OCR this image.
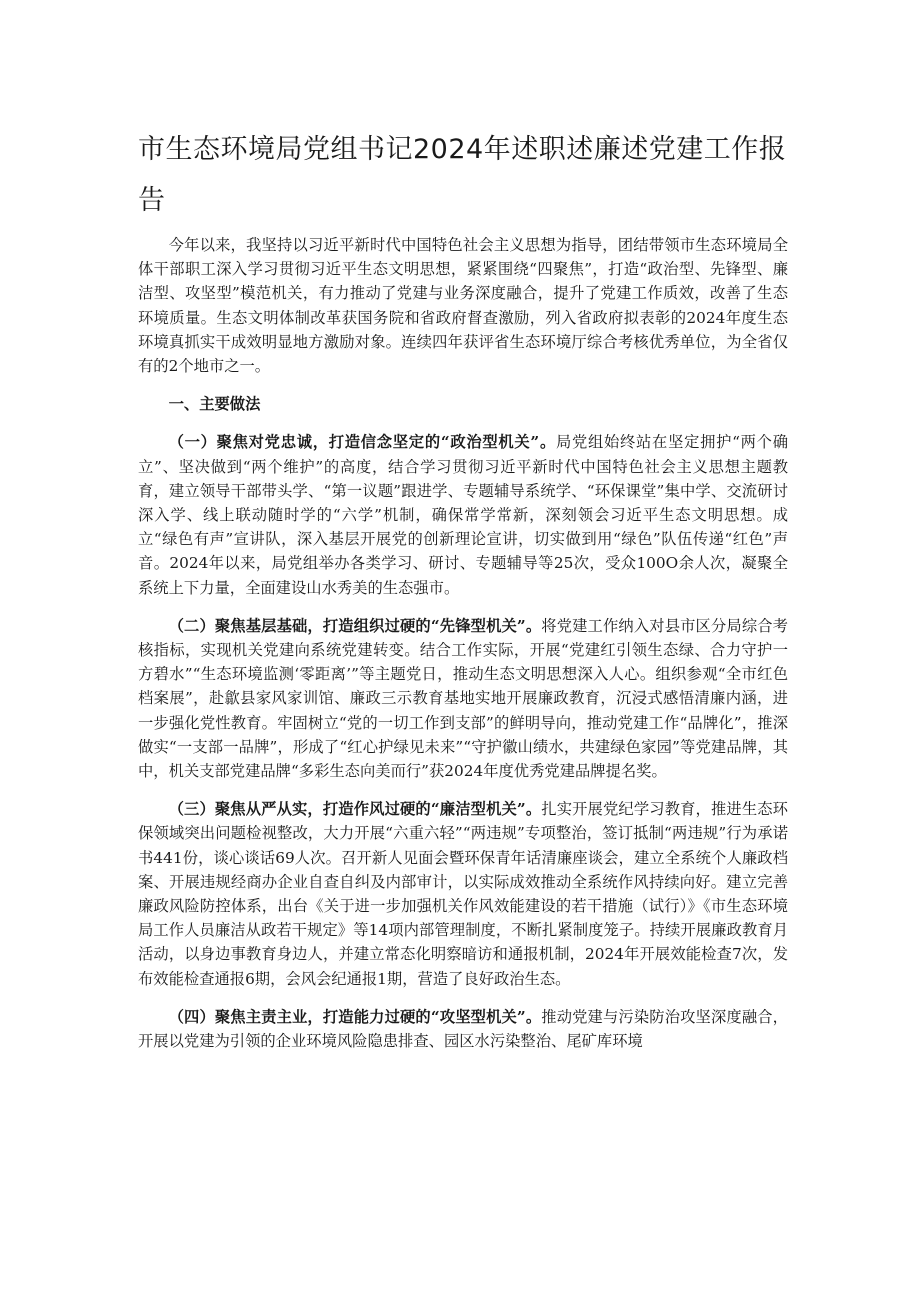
市生态环境局党组书记2024年述职述廉述党建工作报告

今年以来，我坚持以习近平新时代中国特色社会主义思想为指导，团结带领市生态环境局全体干部职工深入学习贯彻习近平生态文明思想，紧紧围绕“四聚焦”，打造“政治型、先锋型、廉洁型、攻坚型”模范机关，有力推动了党建与业务深度融合，提升了党建工作质效，改善了生态环境质量。生态文明体制改革获国务院和省政府督查激励，列入省政府拟表彰的2024年度生态环境真抓实干成效明显地方激励对象。连续四年获评省生态环境厅综合考核优秀单位，为全省仅有的2个地市之一。

一、主要做法

（一）聚焦对党忠诚，打造信念坚定的“政治型机关”。局党组始终站在坚定拥护“两个确立”、坚决做到“两个维护”的高度，结合学习贯彻习近平新时代中国特色社会主义思想主题教育，建立领导干部带头学、“第一议题”跟进学、专题辅导系统学、“环保课堂”集中学、交流研讨深入学、线上联动随时学的“六学”机制，确保常学常新，深刻领会习近平生态文明思想。成立“绿色有声”宣讲队，深入基层开展党的创新理论宣讲，切实做到用“绿色”队伍传递“红色”声音。2024年以来，局党组举办各类学习、研讨、专题辅导等25次，受众100O余人次，凝聚全系统上下力量，全面建设山水秀美的生态强市。

（二）聚焦基层基础，打造组织过硬的“先锋型机关”。将党建工作纳入对县市区分局综合考核指标，实现机关党建向系统党建转变。结合工作实际，开展“党建红引领生态绿、合力守护一方碧水”“生态环境监测‘零距离’”等主题党日，推动生态文明思想深入人心。组织参观“全市红色档案展”，赴歙县家风家训馆、廉政三示教育基地实地开展廉政教育，沉浸式感悟清廉内涵，进一步强化党性教育。牢固树立“党的一切工作到支部”的鲜明导向，推动党建工作“品牌化”，推深做实“一支部一品牌”，形成了“红心护绿见未来”“守护徽山绩水，共建绿色家园”等党建品牌，其中，机关支部党建品牌“多彩生态向美而行”获2024年度优秀党建品牌提名奖。

（三）聚焦从严从实，打造作风过硬的“廉洁型机关”。扎实开展党纪学习教育，推进生态环保领域突出问题检视整改，大力开展“六重六轻”“两违规”专项整治，签订抵制“两违规”行为承诺书441份，谈心谈话69人次。召开新人见面会暨环保青年话清廉座谈会，建立全系统个人廉政档案、开展违规经商办企业自查自纠及内部审计，以实际成效推动全系统作风持续向好。建立完善廉政风险防控体系，出台《关于进一步加强机关作风效能建设的若干措施（试行）》《市生态环境局工作人员廉洁从政若干规定》等14项内部管理制度，不断扎紧制度笼子。持续开展廉政教育月活动，以身边事教育身边人，并建立常态化明察暗访和通报机制，2024年开展效能检查7次，发布效能检查通报6期，会风会纪通报1期，营造了良好政治生态。

（四）聚焦主责主业，打造能力过硬的“攻坚型机关”。推动党建与污染防治攻坚深度融合，开展以党建为引领的企业环境风险隐患排查、园区水污染整治、尾矿库环境
